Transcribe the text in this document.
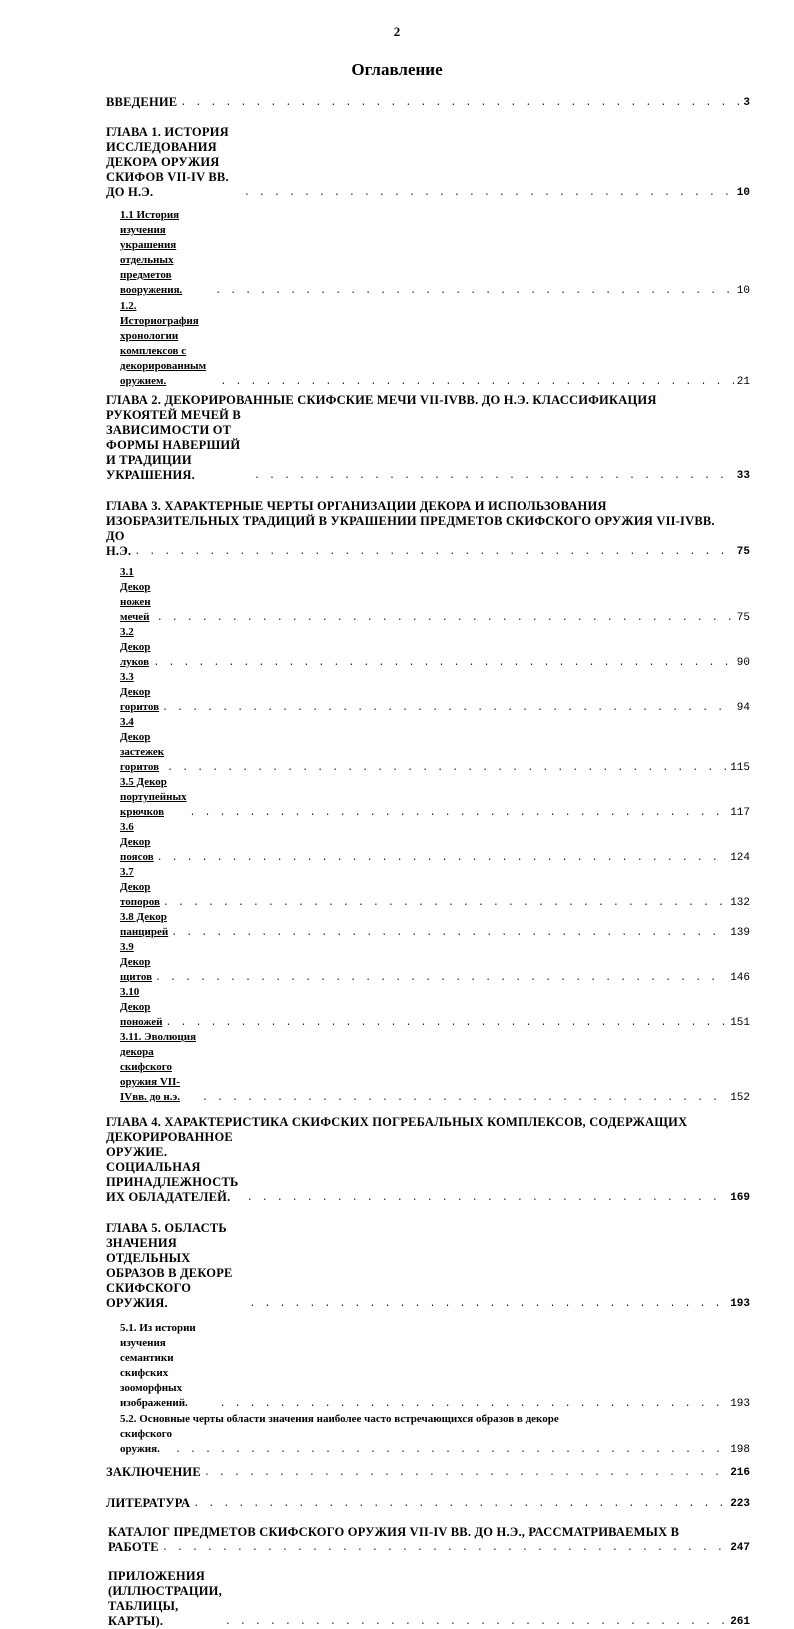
2
Оглавление
ВВЕДЕНИЕ . . .	3
ГЛАВА 1. ИСТОРИЯ ИССЛЕДОВАНИЯ ДЕКОРА ОРУЖИЯ СКИФОВ VII-IV ВВ. ДО Н.Э. . . .	10
1.1 История изучения украшения отдельных предметов вооружения. . . .	10
1.2. Историография хронологии комплексов с декорированным оружием. . . .	21
ГЛАВА 2. ДЕКОРИРОВАННЫЕ СКИФСКИЕ МЕЧИ VII-IVВВ. ДО Н.Э. КЛАССИФИКАЦИЯ
РУКОЯТЕЙ МЕЧЕЙ В ЗАВИСИМОСТИ ОТ ФОРМЫ НАВЕРШИЙ И ТРАДИЦИИ УКРАШЕНИЯ. . . .	33
ГЛАВА 3. ХАРАКТЕРНЫЕ ЧЕРТЫ ОРГАНИЗАЦИИ ДЕКОРА И ИСПОЛЬЗОВАНИЯ
ИЗОБРАЗИТЕЛЬНЫХ ТРАДИЦИЙ В УКРАШЕНИИ ПРЕДМЕТОВ СКИФСКОГО ОРУЖИЯ VII-IVВВ.
ДО Н.Э. . . .	75
3.1 Декор ножен мечей . . .	75
3.2 Декор луков . . .	90
3.3 Декор горитов . . .	94
3.4 Декор застежек горитов . . .	115
3.5 Декор портупейных крючков . . .	117
3.6 Декор поясов . . .	124
3.7 Декор топоров . . .	132
3.8 Декор панцирей . . .	139
3.9 Декор щитов . . .	146
3.10 Декор поножей . . .	151
3.11. Эволюция декора скифского оружия VII-IVвв. до н.э. . . .	152
ГЛАВА 4. ХАРАКТЕРИСТИКА СКИФСКИХ ПОГРЕБАЛЬНЫХ КОМПЛЕКСОВ, СОДЕРЖАЩИХ
ДЕКОРИРОВАННОЕ ОРУЖИЕ. СОЦИАЛЬНАЯ ПРИНАДЛЕЖНОСТЬ ИХ ОБЛАДАТЕЛЕЙ. . . .	169
ГЛАВА 5. ОБЛАСТЬ ЗНАЧЕНИЯ ОТДЕЛЬНЫХ ОБРАЗОВ В ДЕКОРЕ СКИФСКОГО ОРУЖИЯ. . . .	193
5.1. Из истории изучения семантики скифских зооморфных изображений. . . .	193
5.2. Основные черты области значения наиболее часто встречающихся образов в декоре
скифского оружия. . . .	198
ЗАКЛЮЧЕНИЕ . . .	216
ЛИТЕРАТУРА . . .	223
КАТАЛОГ ПРЕДМЕТОВ СКИФСКОГО ОРУЖИЯ VII-IV ВВ. ДО Н.Э., РАССМАТРИВАЕМЫХ В
РАБОТЕ . . .	247
ПРИЛОЖЕНИЯ (ИЛЛЮСТРАЦИИ, ТАБЛИЦЫ, КАРТЫ). . . .	261
